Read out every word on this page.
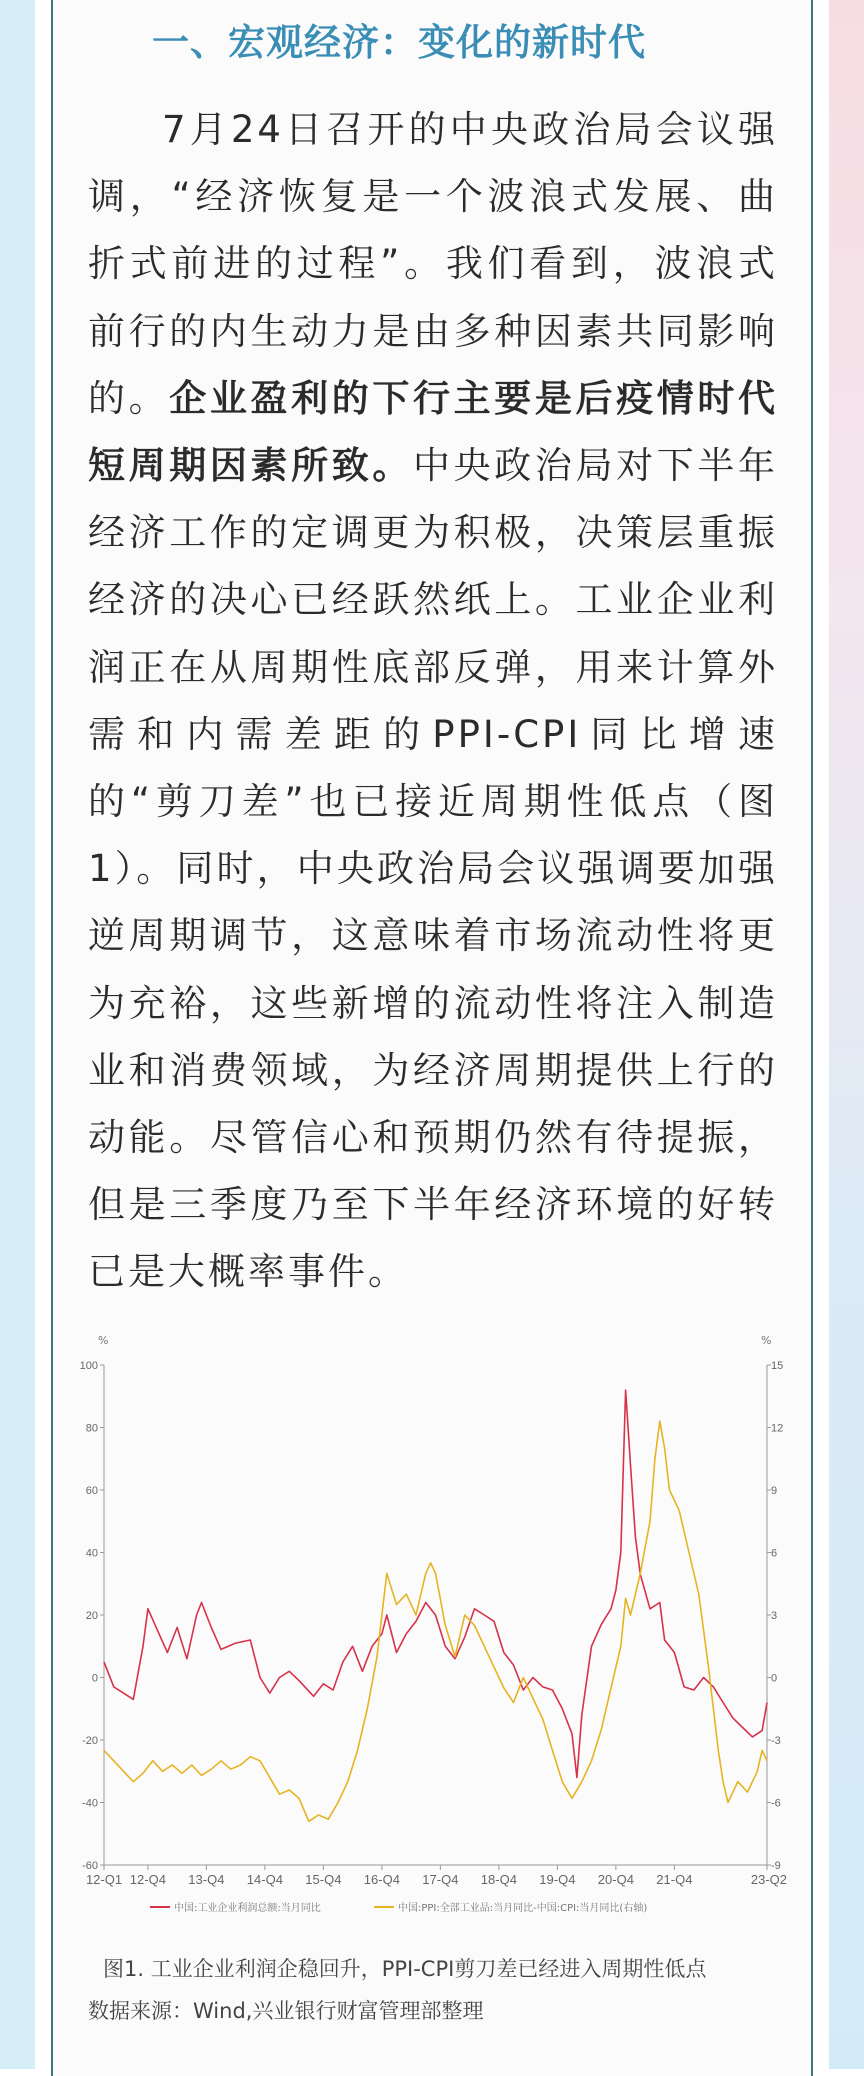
一、宏观经济：变化的新时代

7月24日召开的中央政治局会议强调，“经济恢复是一个波浪式发展、曲折式前进的过程”。我们看到，波浪式前行的内生动力是由多种因素共同影响的。企业盈利的下行主要是后疫情时代短周期因素所致。中央政治局对下半年经济工作的定调更为积极，决策层重振经济的决心已经跃然纸上。工业企业利润正在从周期性底部反弹，用来计算外需和内需差距的PPI-CPI同比增速的“剪刀差”也已接近周期性低点（图1）。同时，中央政治局会议强调要加强逆周期调节，这意味着市场流动性将更为充裕，这些新增的流动性将注入制造业和消费领域，为经济周期提供上行的动能。尽管信心和预期仍然有待提振，但是三季度乃至下半年经济环境的好转已是大概率事件。

%	%
100
80
60
40
20
0
-20
-40
-60
15
12
9
6
3
0
-3
-6
-9
12-Q1 12-Q4 13-Q4 14-Q4 15-Q4 16-Q4 17-Q4 18-Q4 19-Q4 20-Q4 21-Q4	23-Q2
中国:工业企业利润总额:当月同比	中国:PPI:全部工业品:当月同比-中国:CPI:当月同比(右轴)
图1. 工业企业利润企稳回升，PPI-CPI剪刀差已经进入周期性低点
数据来源：Wind,兴业银行财富管理部整理
